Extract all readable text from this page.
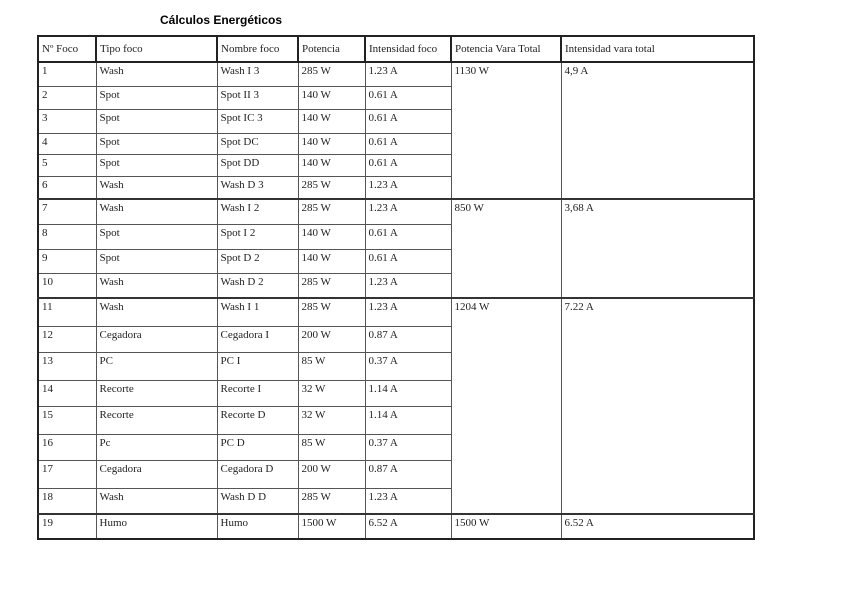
Cálculos Energéticos
Nº Foco	Tipo foco	Nombre foco	Potencia	Intensidad foco	Potencia Vara Total	Intensidad vara total
1	Wash	Wash I 3	285 W	1.23 A	1130 W	4,9 A
2	Spot	Spot II 3	140 W	0.61 A		
3	Spot	Spot IC 3	140 W	0.61 A		
4	Spot	Spot DC	140 W	0.61 A		
5	Spot	Spot DD	140 W	0.61 A		
6	Wash	Wash D 3	285 W	1.23 A		
7	Wash	Wash I 2	285 W	1.23 A	850 W	3,68 A
8	Spot	Spot I 2	140 W	0.61 A		
9	Spot	Spot D 2	140 W	0.61 A		
10	Wash	Wash D 2	285 W	1.23 A		
11	Wash	Wash I 1	285 W	1.23 A	1204 W	7.22 A
12	Cegadora	Cegadora I	200 W	0.87 A		
13	PC	PC I	85 W	0.37 A		
14	Recorte	Recorte I	32 W	1.14 A		
15	Recorte	Recorte D	32 W	1.14 A		
16	Pc	PC D	85 W	0.37 A		
17	Cegadora	Cegadora D	200 W	0.87 A		
18	Wash	Wash D D	285 W	1.23 A		
19	Humo	Humo	1500 W	6.52 A	1500 W	6.52 A
